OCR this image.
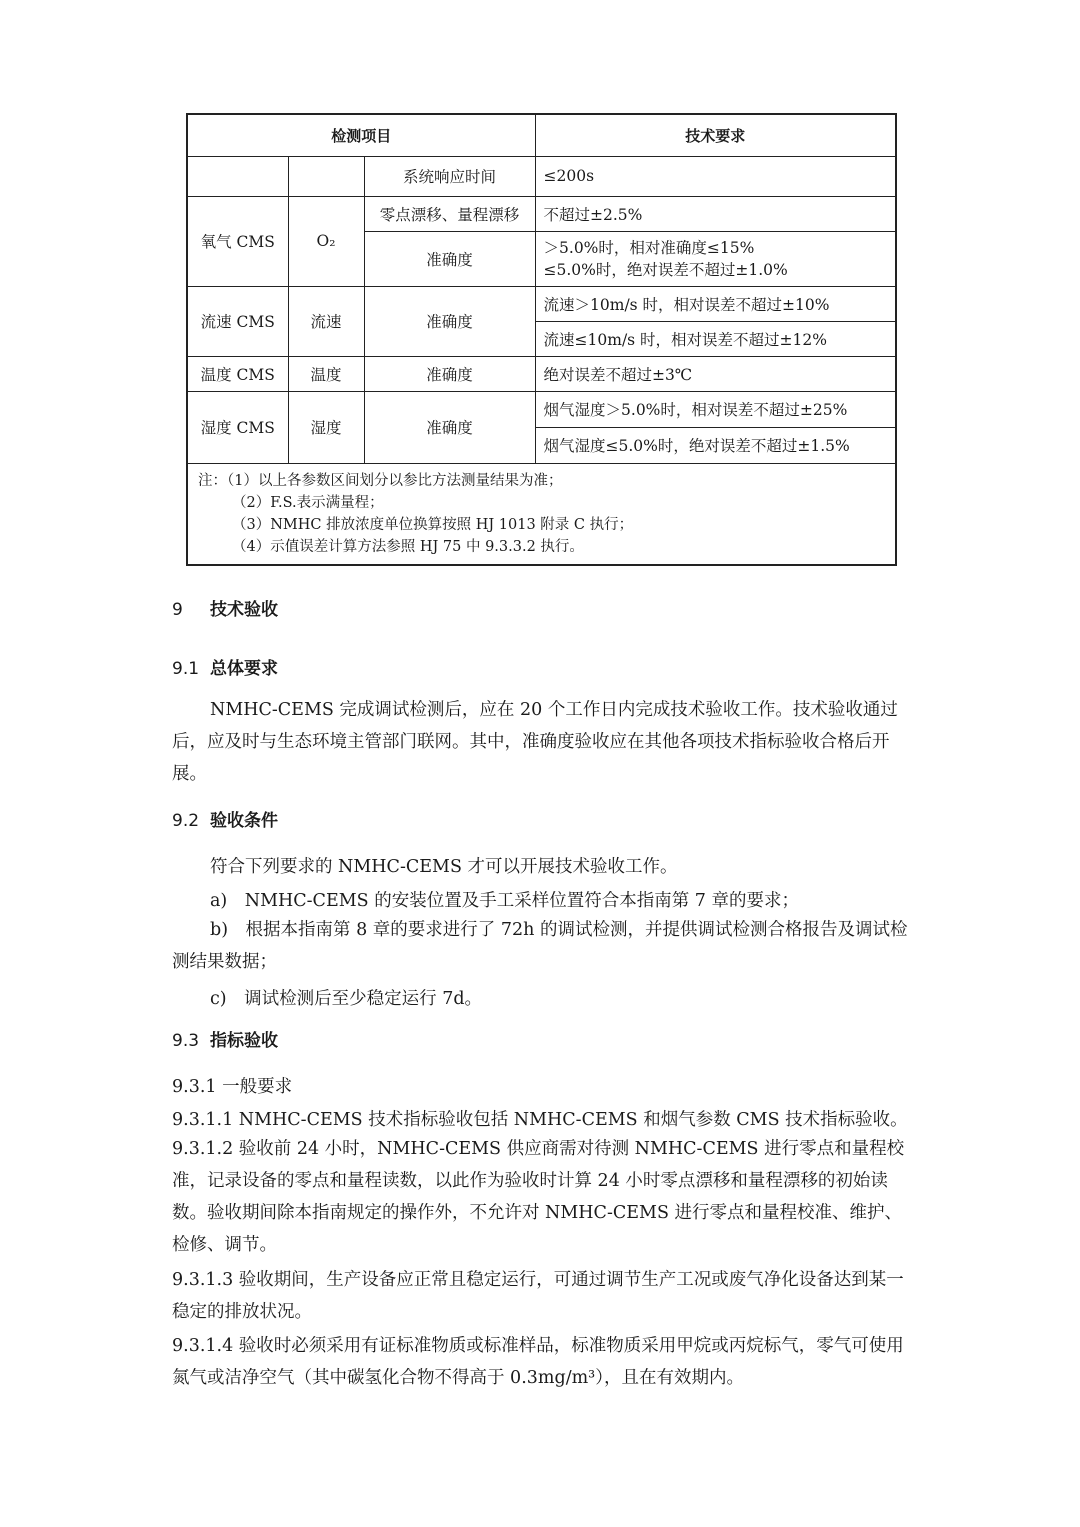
检测项目			技术要求
		系统响应时间	≤200s
氧气 CMS	O₂	零点漂移、量程漂移	不超过±2.5%
		准确度	＞5.0%时，相对准确度≤15%
≤5.0%时，绝对误差不超过±1.0%

流速 CMS	流速	准确度	流速＞10m/s 时，相对误差不超过±10%
			流速≤10m/s 时，相对误差不超过±12%
温度 CMS	温度	准确度	绝对误差不超过±3℃
湿度 CMS	湿度	准确度	烟气湿度＞5.0%时，相对误差不超过±25%
			烟气湿度≤5.0%时，绝对误差不超过±1.5%

注：（1）以上各参数区间划分以参比方法测量结果为准；
（2）F.S.表示满量程；
（3）NMHC 排放浓度单位换算按照 HJ 1013 附录 C 执行；
（4）示值误差计算方法参照 HJ 75 中 9.3.3.2 执行。			
9 技术验收
9.1 总体要求
NMHC-CEMS 完成调试检测后，应在 20 个工作日内完成技术验收工作。技术验收通过后，应及时与生态环境主管部门联网。其中，准确度验收应在其他各项技术指标验收合格后开展。
9.2 验收条件
符合下列要求的 NMHC-CEMS 才可以开展技术验收工作。
a)　NMHC-CEMS 的安装位置及手工采样位置符合本指南第 7 章的要求；
b)　根据本指南第 8 章的要求进行了 72h 的调试检测，并提供调试检测合格报告及调试检测结果数据；
c)　调试检测后至少稳定运行 7d。
9.3 指标验收
9.3.1 一般要求
9.3.1.1 NMHC-CEMS 技术指标验收包括 NMHC-CEMS 和烟气参数 CMS 技术指标验收。
9.3.1.2 验收前 24 小时，NMHC-CEMS 供应商需对待测 NMHC-CEMS 进行零点和量程校准，记录设备的零点和量程读数，以此作为验收时计算 24 小时零点漂移和量程漂移的初始读数。验收期间除本指南规定的操作外，不允许对 NMHC-CEMS 进行零点和量程校准、维护、检修、调节。
9.3.1.3 验收期间，生产设备应正常且稳定运行，可通过调节生产工况或废气净化设备达到某一稳定的排放状况。
9.3.1.4 验收时必须采用有证标准物质或标准样品，标准物质采用甲烷或丙烷标气，零气可使用氮气或洁净空气（其中碳氢化合物不得高于 0.3mg/m³），且在有效期内。
